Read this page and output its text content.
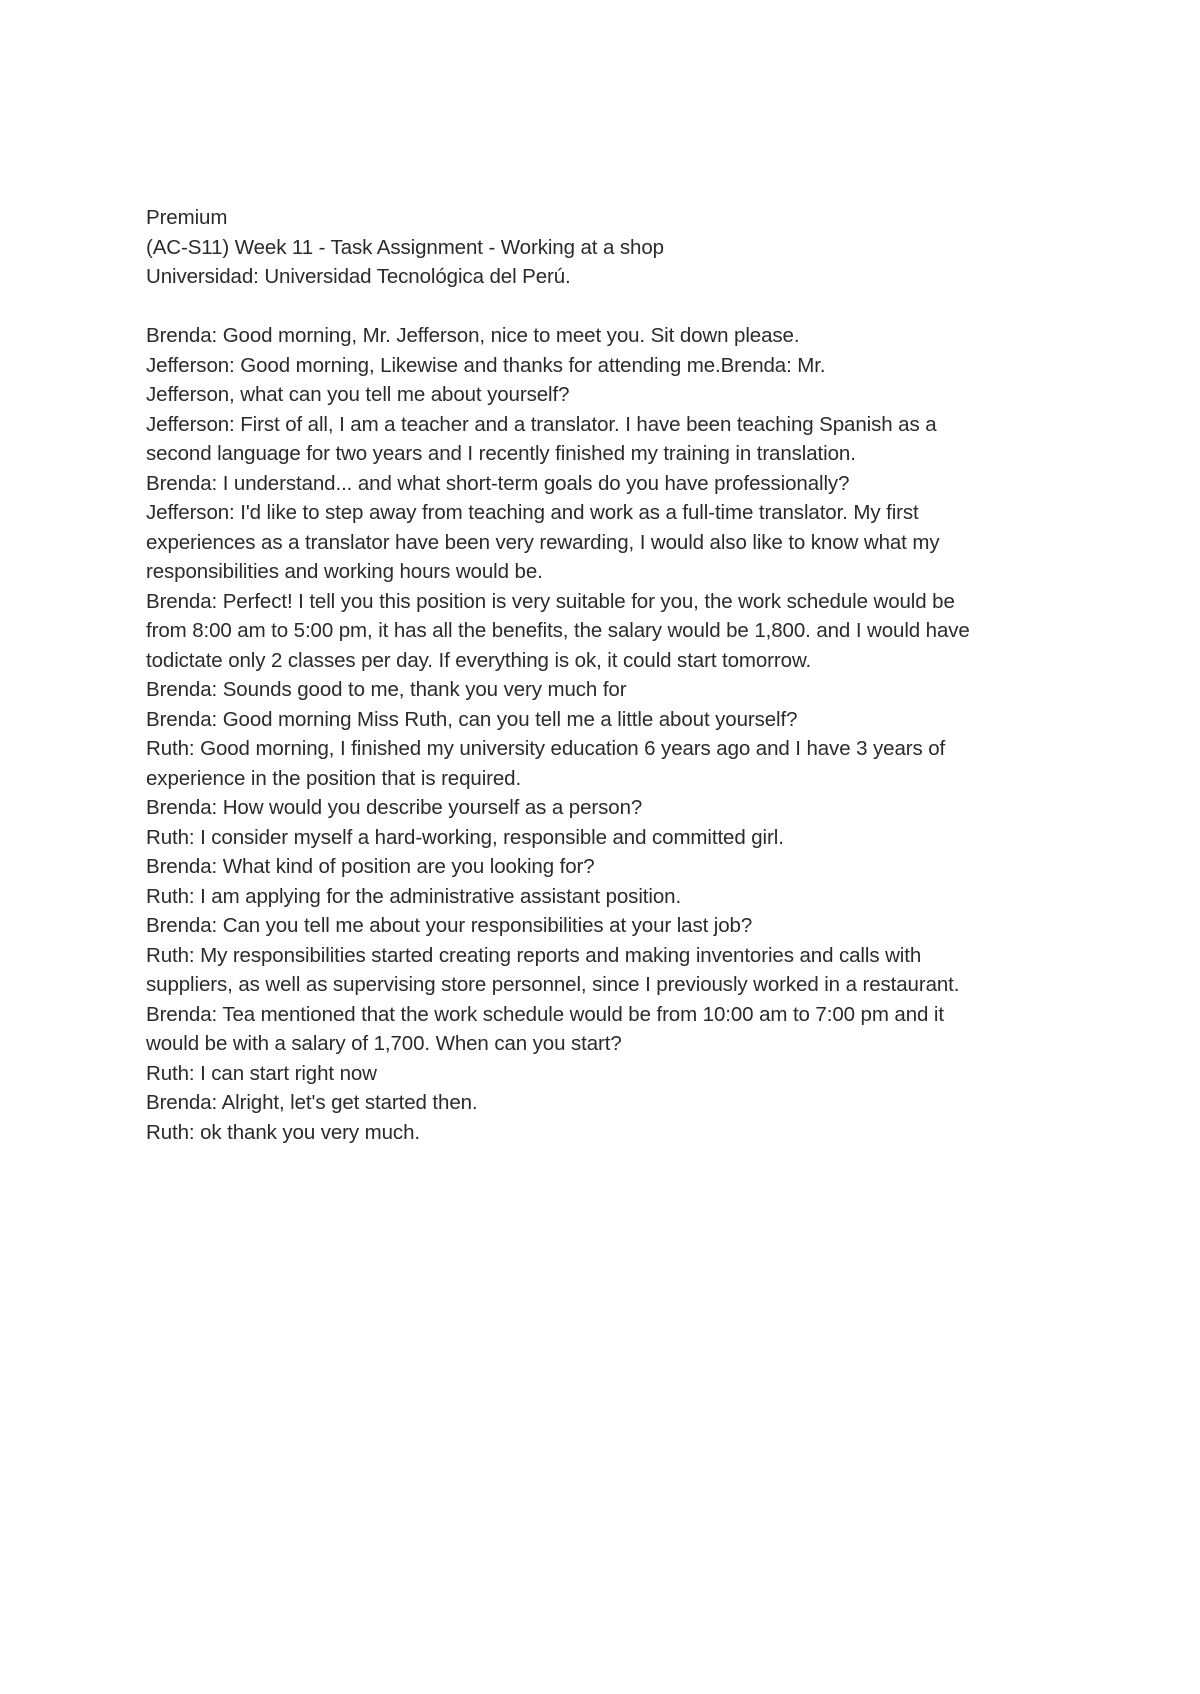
Premium

(AC-S11) Week 11 - Task Assignment - Working at a shop

Universidad: Universidad Tecnológica del Perú.

Brenda: Good morning, Mr. Jefferson, nice to meet you. Sit down please.

Jefferson: Good morning, Likewise and thanks for attending me.Brenda: Mr.

Jefferson, what can you tell me about yourself?

Jefferson: First of all, I am a teacher and a translator. I have been teaching Spanish as a

second language for two years and I recently finished my training in translation.

Brenda: I understand... and what short-term goals do you have professionally?

Jefferson: I'd like to step away from teaching and work as a full-time translator. My first

experiences as a translator have been very rewarding, I would also like to know what my

responsibilities and working hours would be.

Brenda: Perfect! I tell you this position is very suitable for you, the work schedule would be

from 8:00 am to 5:00 pm, it has all the benefits, the salary would be 1,800. and I would have

todictate only 2 classes per day. If everything is ok, it could start tomorrow.

Brenda: Sounds good to me, thank you very much for

Brenda: Good morning Miss Ruth, can you tell me a little about yourself?

Ruth: Good morning, I finished my university education 6 years ago and I have 3 years of

experience in the position that is required.

Brenda: How would you describe yourself as a person?

Ruth: I consider myself a hard-working, responsible and committed girl.

Brenda: What kind of position are you looking for?

Ruth: I am applying for the administrative assistant position.

Brenda: Can you tell me about your responsibilities at your last job?

Ruth: My responsibilities started creating reports and making inventories and calls with

suppliers, as well as supervising store personnel, since I previously worked in a restaurant.

Brenda: Tea mentioned that the work schedule would be from 10:00 am to 7:00 pm and it

would be with a salary of 1,700. When can you start?

Ruth: I can start right now

Brenda: Alright, let's get started then.

Ruth: ok thank you very much.
